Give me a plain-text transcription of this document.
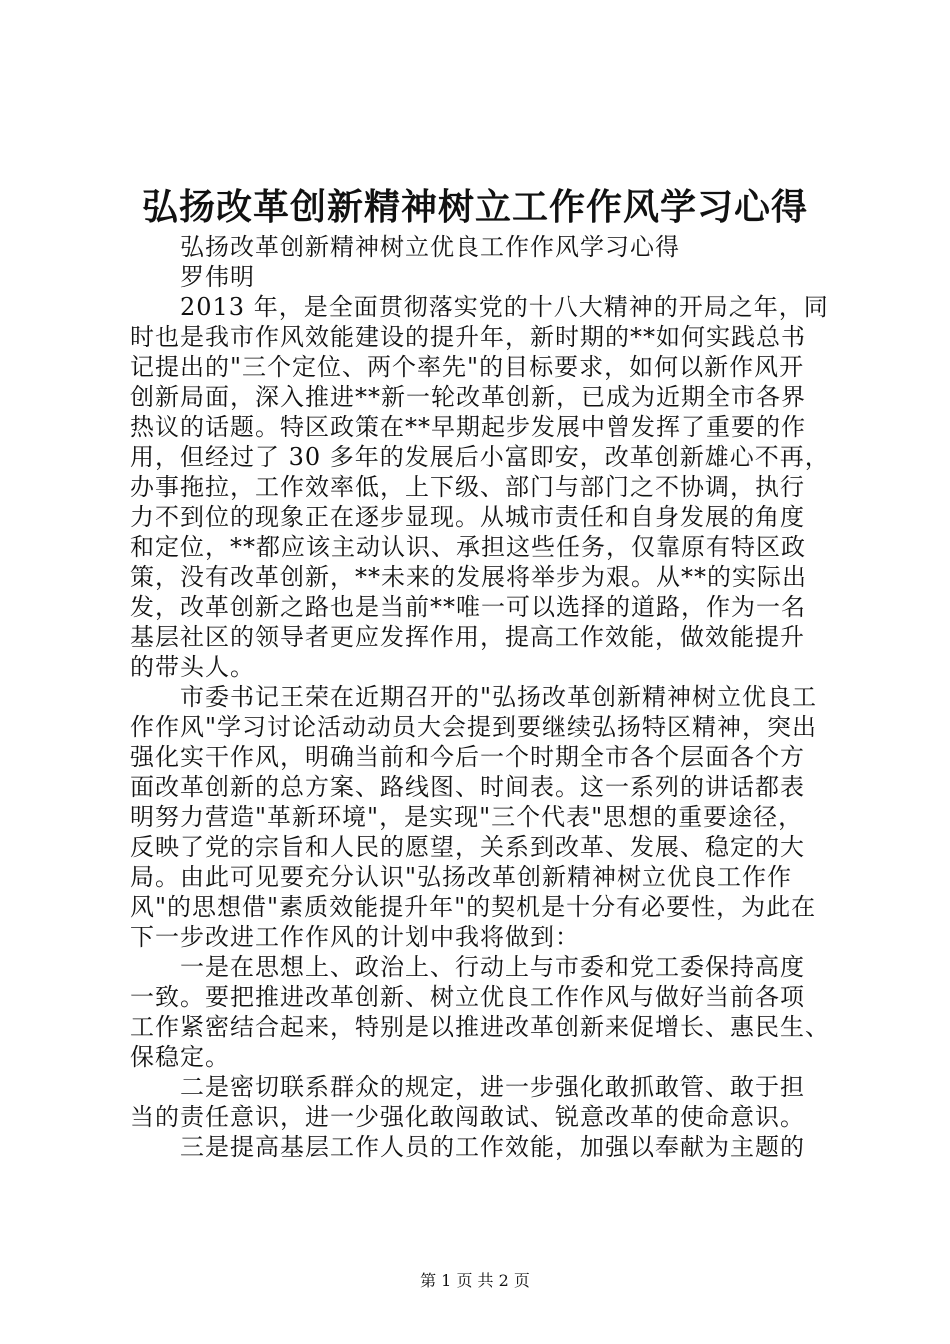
弘扬改革创新精神树立工作作风学习心得
弘扬改革创新精神树立优良工作作风学习心得
罗伟明
2013 年，是全面贯彻落实党的十八大精神的开局之年，同
时也是我市作风效能建设的提升年，新时期的**如何实践总书
记提出的"三个定位、两个率先"的目标要求，如何以新作风开
创新局面，深入推进**新一轮改革创新，已成为近期全市各界
热议的话题。特区政策在**早期起步发展中曾发挥了重要的作
用，但经过了 30 多年的发展后小富即安，改革创新雄心不再，
办事拖拉，工作效率低，上下级、部门与部门之不协调，执行
力不到位的现象正在逐步显现。从城市责任和自身发展的角度
和定位，**都应该主动认识、承担这些任务，仅靠原有特区政
策，没有改革创新，**未来的发展将举步为艰。从**的实际出
发，改革创新之路也是当前**唯一可以选择的道路，作为一名
基层社区的领导者更应发挥作用，提高工作效能，做效能提升
的带头人。
市委书记王荣在近期召开的"弘扬改革创新精神树立优良工
作作风"学习讨论活动动员大会提到要继续弘扬特区精神，突出
强化实干作风，明确当前和今后一个时期全市各个层面各个方
面改革创新的总方案、路线图、时间表。这一系列的讲话都表
明努力营造"革新环境"，是实现"三个代表"思想的重要途径，
反映了党的宗旨和人民的愿望，关系到改革、发展、稳定的大
局。由此可见要充分认识"弘扬改革创新精神树立优良工作作
风"的思想借"素质效能提升年"的契机是十分有必要性，为此在
下一步改进工作作风的计划中我将做到：
一是在思想上、政治上、行动上与市委和党工委保持高度
一致。要把推进改革创新、树立优良工作作风与做好当前各项
工作紧密结合起来，特别是以推进改革创新来促增长、惠民生、
保稳定。
二是密切联系群众的规定，进一步强化敢抓敢管、敢于担
当的责任意识，进一少强化敢闯敢试、锐意改革的使命意识。
三是提高基层工作人员的工作效能，加强以奉献为主题的
第 1 页 共 2 页
